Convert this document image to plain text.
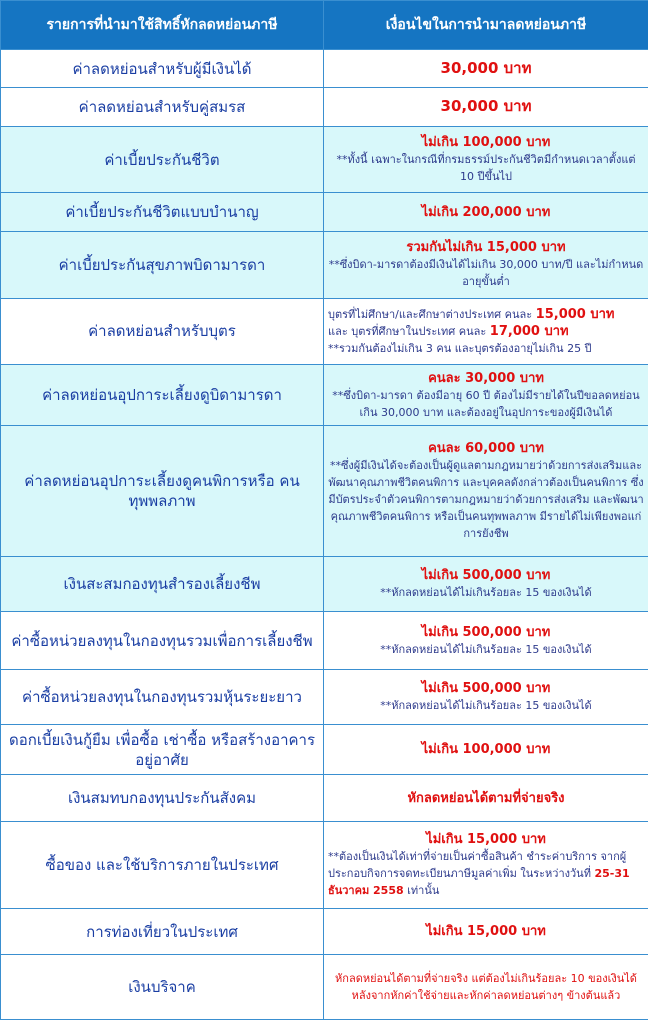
รายการที่นำมาใช้สิทธิ์หักลดหย่อนภาษี	เงื่อนไขในการนำมาลดหย่อนภาษี
ค่าลดหย่อนสำหรับผู้มีเงินได้	30,000 บาท
ค่าลดหย่อนสำหรับคู่สมรส	30,000 บาท
ค่าเบี้ยประกันชีวิต	ไม่เกิน 100,000 บาท
**ทั้งนี้ เฉพาะในกรณีที่กรมธรรม์ประกันชีวิตมีกำหนดเวลาตั้งแต่ 10 ปีขึ้นไป

ค่าเบี้ยประกันชีวิตแบบบำนาญ	ไม่เกิน 200,000 บาท
ค่าเบี้ยประกันสุขภาพบิดามารดา	รวมกันไม่เกิน 15,000 บาท
**ซึ่งบิดา-มารดาต้องมีเงินได้ไม่เกิน 30,000 บาท/ปี และไม่กำหนดอายุขั้นต่ำ

ค่าลดหย่อนสำหรับบุตร	บุตรที่ไม่ศึกษา/และศึกษาต่างประเทศ คนละ 15,000 บาท
และ บุตรที่ศึกษาในประเทศ คนละ 17,000 บาท
**รวมกันต้องไม่เกิน 3 คน และบุตรต้องอายุไม่เกิน 25 ปี

ค่าลดหย่อนอุปการะเลี้ยงดูบิดามารดา	คนละ 30,000 บาท
**ซึ่งบิดา-มารดา ต้องมีอายุ 60 ปี ต้องไม่มีรายได้ในปีขอลดหย่อนเกิน 30,000 บาท และต้องอยู่ในอุปการะของผู้มีเงินได้

ค่าลดหย่อนอุปการะเลี้ยงดูคนพิการหรือ คนทุพพลภาพ	คนละ 60,000 บาท
**ซึ่งผู้มีเงินได้จะต้องเป็นผู้ดูแลตามกฎหมายว่าด้วยการส่งเสริมและพัฒนาคุณภาพชีวิตคนพิการ และบุคคลดังกล่าวต้องเป็นคนพิการ ซึ่งมีบัตรประจำตัวคนพิการตามกฎหมายว่าด้วยการส่งเสริม และพัฒนาคุณภาพชีวิตคนพิการ หรือเป็นคนทุพพลภาพ มีรายได้ไม่เพียงพอแก่การยังชีพ

เงินสะสมกองทุนสำรองเลี้ยงชีพ	ไม่เกิน 500,000 บาท
**หักลดหย่อนได้ไม่เกินร้อยละ 15 ของเงินได้

ค่าซื้อหน่วยลงทุนในกองทุนรวมเพื่อการเลี้ยงชีพ	ไม่เกิน 500,000 บาท
**หักลดหย่อนได้ไม่เกินร้อยละ 15 ของเงินได้

ค่าซื้อหน่วยลงทุนในกองทุนรวมหุ้นระยะยาว	ไม่เกิน 500,000 บาท
**หักลดหย่อนได้ไม่เกินร้อยละ 15 ของเงินได้

ดอกเบี้ยเงินกู้ยืม เพื่อซื้อ เช่าซื้อ หรือสร้างอาคารอยู่อาศัย	ไม่เกิน 100,000 บาท
เงินสมทบกองทุนประกันสังคม	หักลดหย่อนได้ตามที่จ่ายจริง
ซื้อของ และใช้บริการภายในประเทศ	ไม่เกิน 15,000 บาท
**ต้องเป็นเงินได้เท่าที่จ่ายเป็นค่าซื้อสินค้า ชำระค่าบริการ จากผู้ประกอบกิจการจดทะเบียนภาษีมูลค่าเพิ่ม ในระหว่างวันที่ 25-31 ธันวาคม 2558 เท่านั้น

การท่องเที่ยวในประเทศ	ไม่เกิน 15,000 บาท
เงินบริจาค	หักลดหย่อนได้ตามที่จ่ายจริง แต่ต้องไม่เกินร้อยละ 10 ของเงินได้ หลังจากหักค่าใช้จ่ายและหักค่าลดหย่อนต่างๆ ข้างต้นแล้ว
